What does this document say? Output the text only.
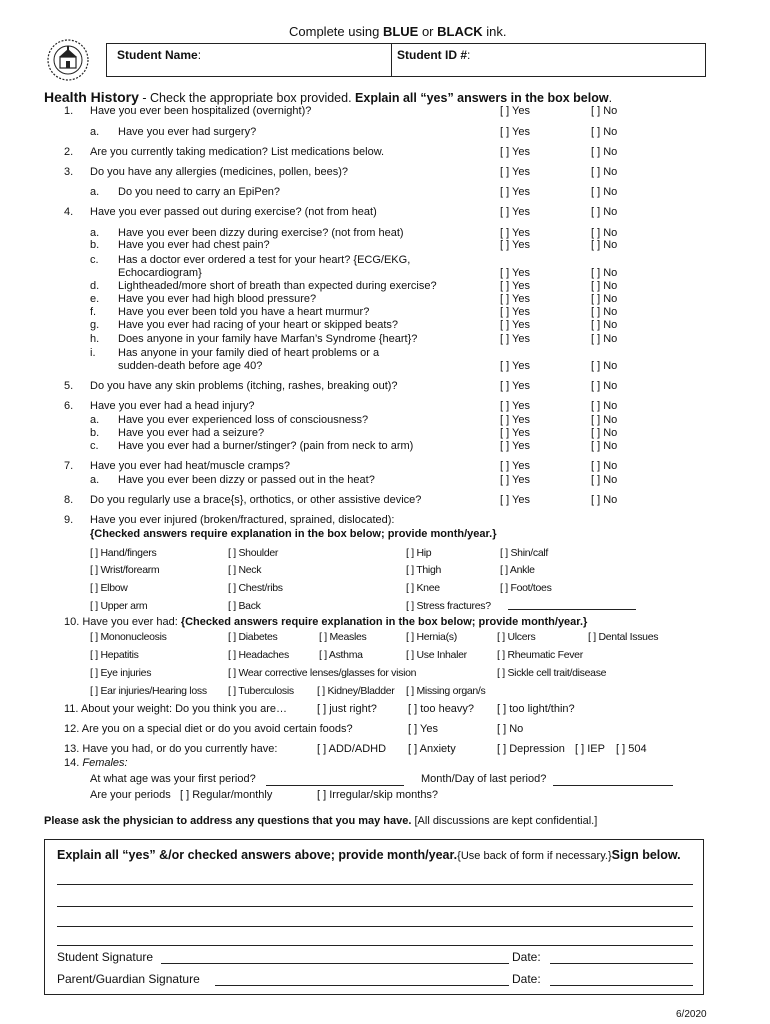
Complete using BLUE or BLACK ink.
Student Name:	Student ID #:
Health History - Check the appropriate box provided. Explain all “yes” answers in the box below.
1. Have you ever been hospitalized (overnight)?	[ ] Yes	[ ] No
a. Have you ever had surgery?	[ ] Yes	[ ] No
2. Are you currently taking medication? List medications below.	[ ] Yes	[ ] No
3. Do you have any allergies (medicines, pollen, bees)?	[ ] Yes	[ ] No
a. Do you need to carry an EpiPen?	[ ] Yes	[ ] No
4. Have you ever passed out during exercise? (not from heat)	[ ] Yes	[ ] No
a. Have you ever been dizzy during exercise? (not from heat)	[ ] Yes	[ ] No
b. Have you ever had chest pain?	[ ] Yes	[ ] No
c. Has a doctor ever ordered a test for your heart? {ECG/EKG,
Echocardiogram}	[ ] Yes	[ ] No
d. Lightheaded/more short of breath than expected during exercise?	[ ] Yes	[ ] No
e. Have you ever had high blood pressure?	[ ] Yes	[ ] No
f. Have you ever been told you have a heart murmur?	[ ] Yes	[ ] No
g. Have you ever had racing of your heart or skipped beats?	[ ] Yes	[ ] No
h. Does anyone in your family have Marfan’s Syndrome {heart}?	[ ] Yes	[ ] No
i. Has anyone in your family died of heart problems or a
sudden-death before age 40?	[ ] Yes	[ ] No
5. Do you have any skin problems (itching, rashes, breaking out)?	[ ] Yes	[ ] No
6. Have you ever had a head injury?	[ ] Yes	[ ] No
a. Have you ever experienced loss of consciousness?	[ ] Yes	[ ] No
b. Have you ever had a seizure?	[ ] Yes	[ ] No
c. Have you ever had a burner/stinger? (pain from neck to arm)	[ ] Yes	[ ] No
7. Have you ever had heat/muscle cramps?	[ ] Yes	[ ] No
a. Have you ever been dizzy or passed out in the heat?	[ ] Yes	[ ] No
8. Do you regularly use a brace{s}, orthotics, or other assistive device?	[ ] Yes	[ ] No
9. Have you ever injured (broken/fractured, sprained, dislocated):
{Checked answers require explanation in the box below; provide month/year.}
[ ] Hand/fingers	[ ] Shoulder	[ ] Hip	[ ] Shin/calf
[ ] Wrist/forearm	[ ] Neck	[ ] Thigh	[ ] Ankle
[ ] Elbow	[ ] Chest/ribs	[ ] Knee	[ ] Foot/toes
[ ] Upper arm	[ ] Back	[ ] Stress fractures?
10. Have you ever had: {Checked answers require explanation in the box below; provide month/year.}
[ ] Mononucleosis	[ ] Diabetes	[ ] Measles	[ ] Hernia(s)	[ ] Ulcers	[ ] Dental Issues
[ ] Hepatitis	[ ] Headaches	[ ] Asthma	[ ] Use Inhaler	[ ] Rheumatic Fever
[ ] Eye injuries	[ ] Wear corrective lenses/glasses for vision	[ ] Sickle cell trait/disease
[ ] Ear injuries/Hearing loss [ ] Tuberculosis [ ] Kidney/Bladder [ ] Missing organ/s
11. About your weight: Do you think you are…	[ ] just right?	[ ] too heavy? [ ] too light/thin?
12. Are you on a special diet or do you avoid certain foods?	[ ] Yes	[ ] No
13. Have you had, or do you currently have:	[ ] ADD/ADHD [ ] Anxiety	[ ] Depression [ ] IEP [ ] 504
14. Females:
At what age was your first period?	Month/Day of last period?
Are your periods [ ] Regular/monthly	[ ] Irregular/skip months?
Please ask the physician to address any questions that you may have. [All discussions are kept confidential.]
Explain all “yes” &/or checked answers above; provide month/year.{Use back of form if necessary.}Sign below.
Student Signature	Date:
Parent/Guardian Signature	Date:
6/2020
